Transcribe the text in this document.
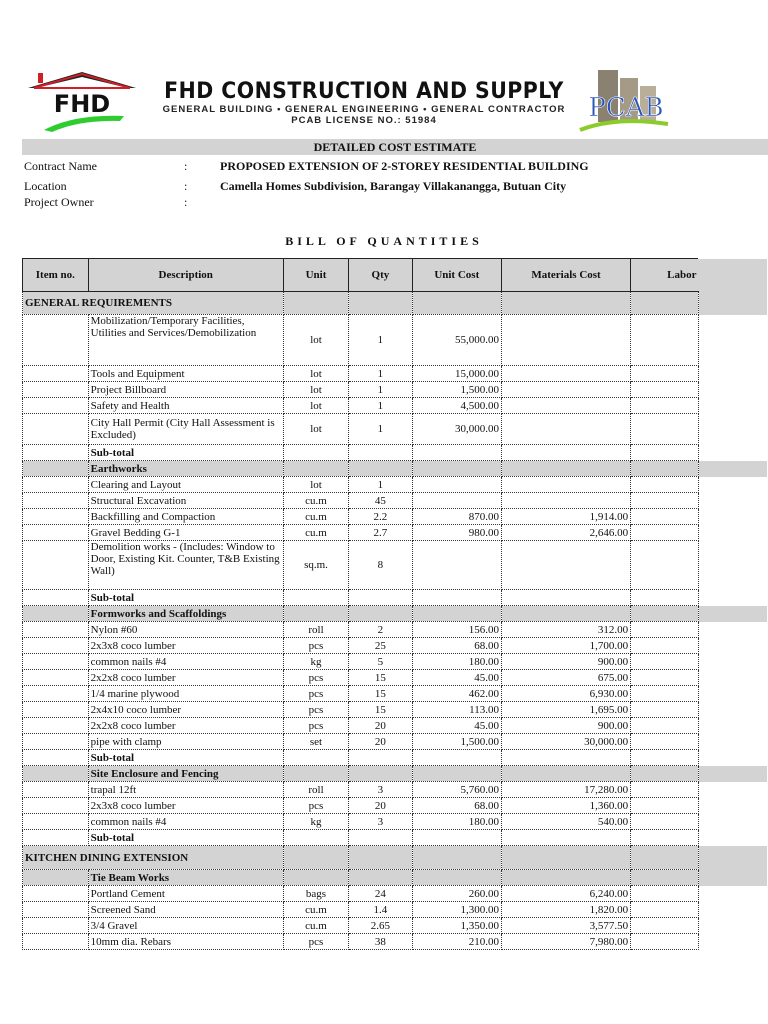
FHD FHD CONSTRUCTION AND SUPPLY
GENERAL BUILDING • GENERAL ENGINEERING • GENERAL CONTRACTOR
PCAB LICENSE NO.: 51984	PCAB
DETAILED COST ESTIMATE
Contract Name	:	PROPOSED EXTENSION OF 2-STOREY RESIDENTIAL BUILDING
Location	:	Camella Homes Subdivision, Barangay Villakanangga, Butuan City
Project Owner	:
BILL OF QUANTITIES
Item no.	Description	Unit	Qty	Unit Cost	Materials Cost	Labor	
GENERAL REQUIREMENTS							
	Mobilization/Temporary Facilities, Utilities and Services/Demobilization	lot	1	55,000.00			
	Tools and Equipment	lot	1	15,000.00			
	Project Billboard	lot	1	1,500.00			
	Safety and Health	lot	1	4,500.00			
	City Hall Permit (City Hall Assessment is Excluded)	lot	1	30,000.00			
	Sub-total						
	Earthworks						
	Clearing and Layout	lot	1				
	Structural Excavation	cu.m	45				
	Backfilling and Compaction	cu.m	2.2	870.00	1,914.00		
	Gravel Bedding G-1	cu.m	2.7	980.00	2,646.00		
	Demolition works - (Includes: Window to Door, Existing Kit. Counter, T&B Existing Wall)	sq.m.	8				
	Sub-total						
	Formworks and Scaffoldings						
	Nylon #60	roll	2	156.00	312.00		
	2x3x8 coco lumber	pcs	25	68.00	1,700.00		
	common nails #4	kg	5	180.00	900.00		
	2x2x8 coco lumber	pcs	15	45.00	675.00		
	1/4 marine plywood	pcs	15	462.00	6,930.00		
	2x4x10 coco lumber	pcs	15	113.00	1,695.00		
	2x2x8 coco lumber	pcs	20	45.00	900.00		
	pipe with clamp	set	20	1,500.00	30,000.00		
	Sub-total						
	Site Enclosure and Fencing						
	trapal 12ft	roll	3	5,760.00	17,280.00		
	2x3x8 coco lumber	pcs	20	68.00	1,360.00		
	common nails #4	kg	3	180.00	540.00		
	Sub-total						
KITCHEN DINING EXTENSION							
	Tie Beam Works						
	Portland Cement	bags	24	260.00	6,240.00		
	Screened Sand	cu.m	1.4	1,300.00	1,820.00		
	3/4 Gravel	cu.m	2.65	1,350.00	3,577.50		
	10mm dia. Rebars	pcs	38	210.00	7,980.00		
